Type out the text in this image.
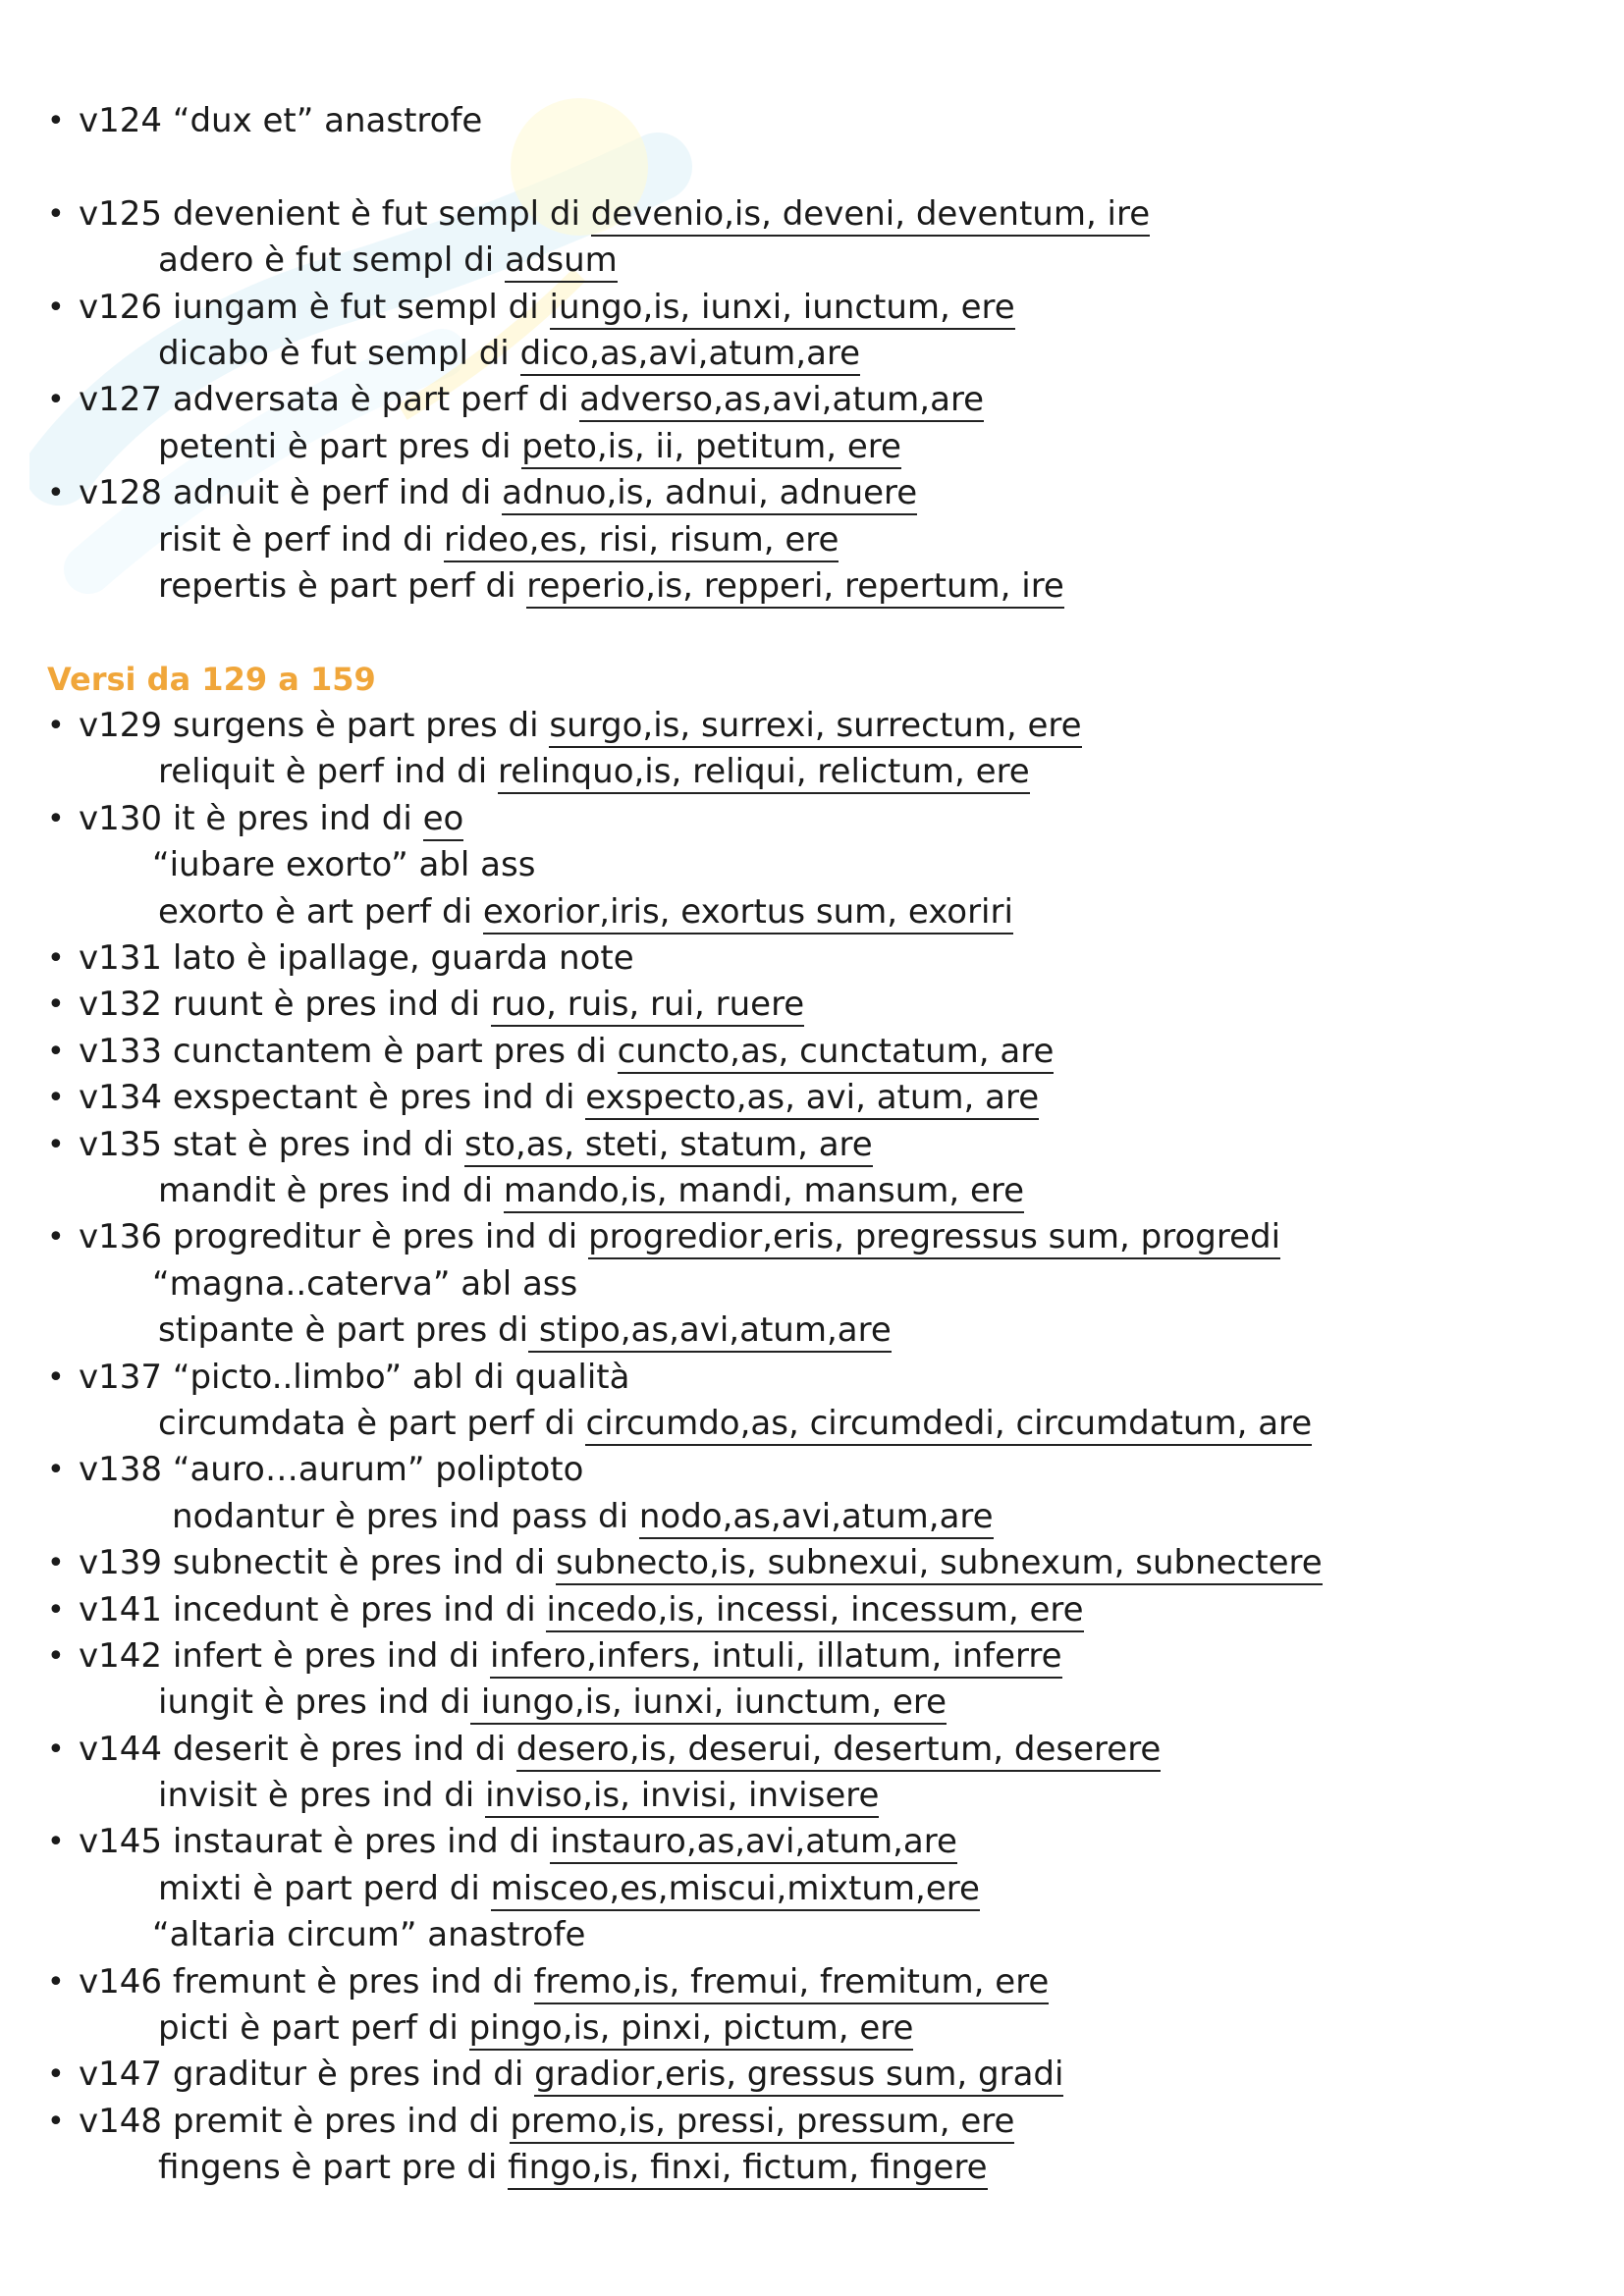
• v124 “dux et” anastrofe
• v125 devenient è fut sempl di devenio,is, deveni, deventum, ire
adero è fut sempl di adsum
• v126 iungam è fut sempl di iungo,is, iunxi, iunctum, ere
dicabo è fut sempl di dico,as,avi,atum,are
• v127 adversata è part perf di adverso,as,avi,atum,are
petenti è part pres di peto,is, ii, petitum, ere
• v128 adnuit è perf ind di adnuo,is, adnui, adnuere
risit è perf ind di rideo,es, risi, risum, ere
repertis è part perf di reperio,is, repperi, repertum, ire
Versi da 129 a 159
• v129 surgens è part pres di surgo,is, surrexi, surrectum, ere
reliquit è perf ind di relinquo,is, reliqui, relictum, ere
• v130 it è pres ind di eo
“iubare exorto” abl ass
exorto è art perf di exorior,iris, exortus sum, exoriri
• v131 lato è ipallage, guarda note
• v132 ruunt è pres ind di ruo, ruis, rui, ruere
• v133 cunctantem è part pres di cuncto,as, cunctatum, are
• v134 exspectant è pres ind di exspecto,as, avi, atum, are
• v135 stat è pres ind di sto,as, steti, statum, are
mandit è pres ind di mando,is, mandi, mansum, ere
• v136 progreditur è pres ind di progredior,eris, pregressus sum, progredi
“magna..caterva” abl ass
stipante è part pres di stipo,as,avi,atum,are
• v137 “picto..limbo” abl di qualità
circumdata è part perf di circumdo,as, circumdedi, circumdatum, are
• v138 “auro…aurum” poliptoto
nodantur è pres ind pass di nodo,as,avi,atum,are
• v139 subnectit è pres ind di subnecto,is, subnexui, subnexum, subnectere
• v141 incedunt è pres ind di incedo,is, incessi, incessum, ere
• v142 infert è pres ind di infero,infers, intuli, illatum, inferre
iungit è pres ind di iungo,is, iunxi, iunctum, ere
• v144 deserit è pres ind di desero,is, deserui, desertum, deserere
invisit è pres ind di inviso,is, invisi, invisere
• v145 instaurat è pres ind di instauro,as,avi,atum,are
mixti è part perd di misceo,es,miscui,mixtum,ere
“altaria circum” anastrofe
• v146 fremunt è pres ind di fremo,is, fremui, fremitum, ere
picti è part perf di pingo,is, pinxi, pictum, ere
• v147 graditur è pres ind di gradior,eris, gressus sum, gradi
• v148 premit è pres ind di premo,is, pressi, pressum, ere
fingens è part pre di fingo,is, finxi, fictum, fingere
